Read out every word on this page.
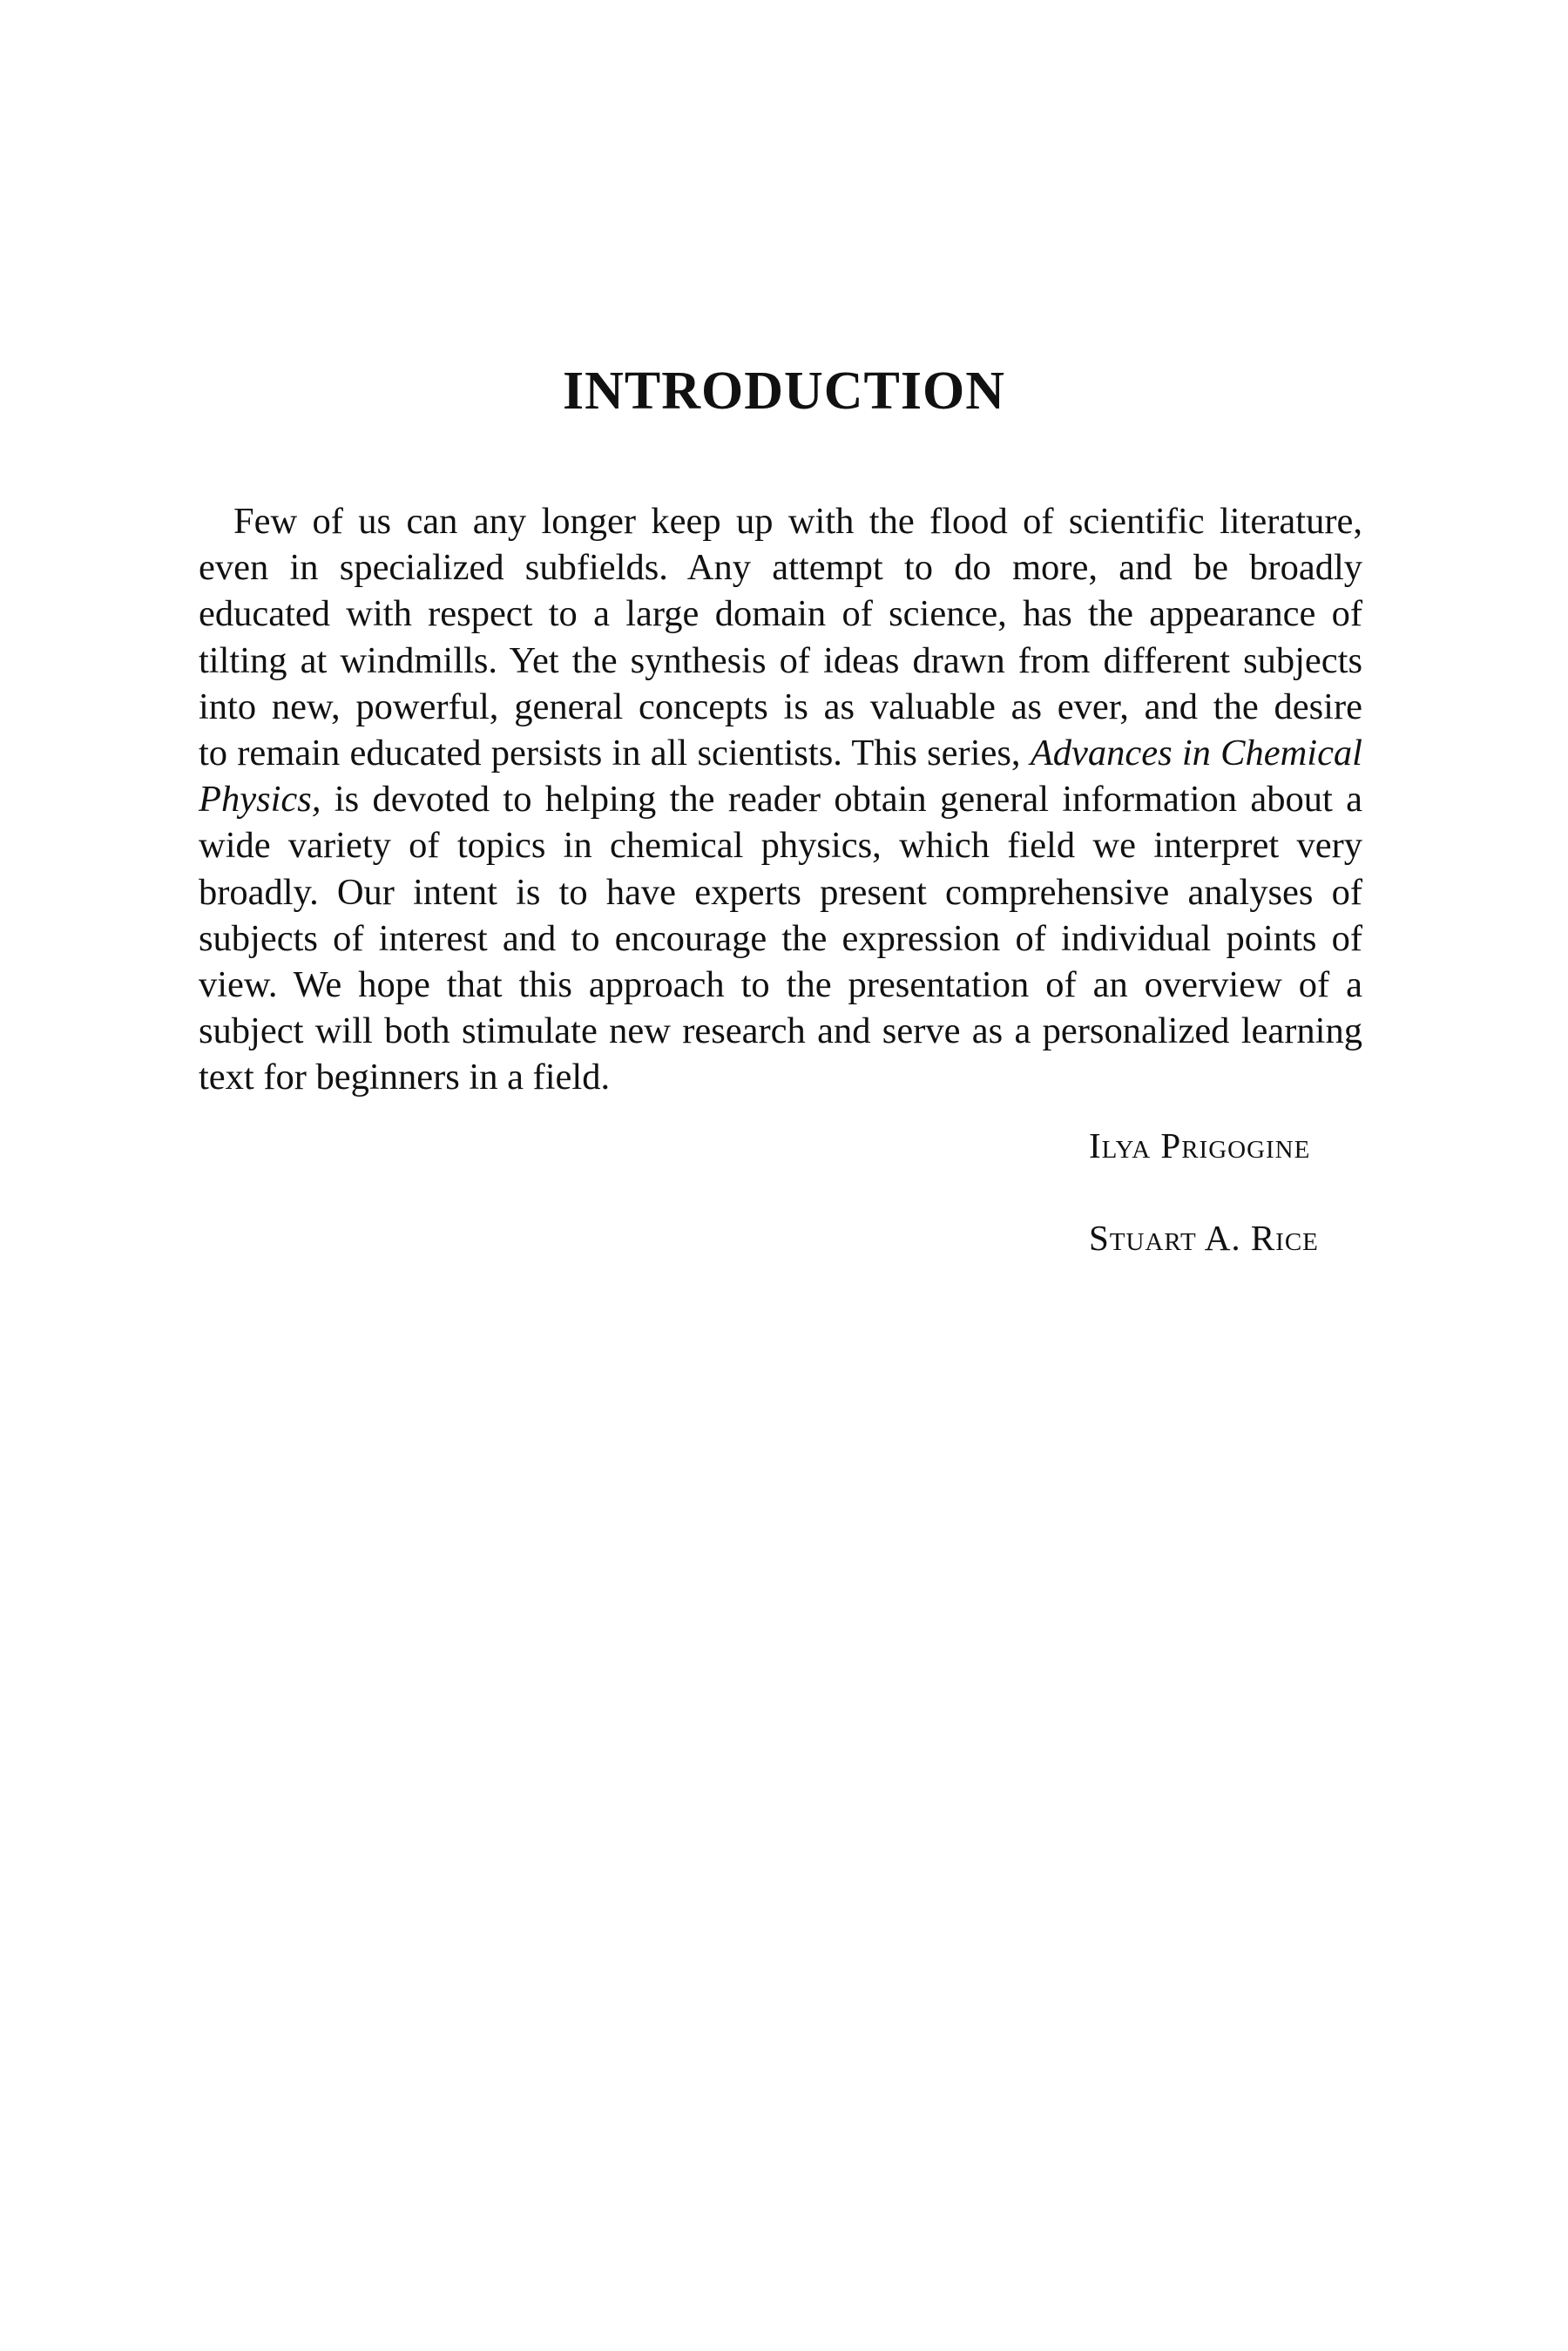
INTRODUCTION
Few of us can any longer keep up with the flood of scientific literature,
even in specialized subfields. Any attempt to do more, and be broadly
educated with respect to a large domain of science, has the appearance of
tilting at windmills. Yet the synthesis of ideas drawn from different subjects
into new, powerful, general concepts is as valuable as ever, and the desire
to remain educated persists in all scientists. This series, Advances in Chemical
Physics, is devoted to helping the reader obtain general information about a
wide variety of topics in chemical physics, which field we interpret very
broadly. Our intent is to have experts present comprehensive analyses of
subjects of interest and to encourage the expression of individual points of
view. We hope that this approach to the presentation of an overview of a
subject will both stimulate new research and serve as a personalized learning
text for beginners in a field.

Ilya Prigogine

Stuart A. Rice
